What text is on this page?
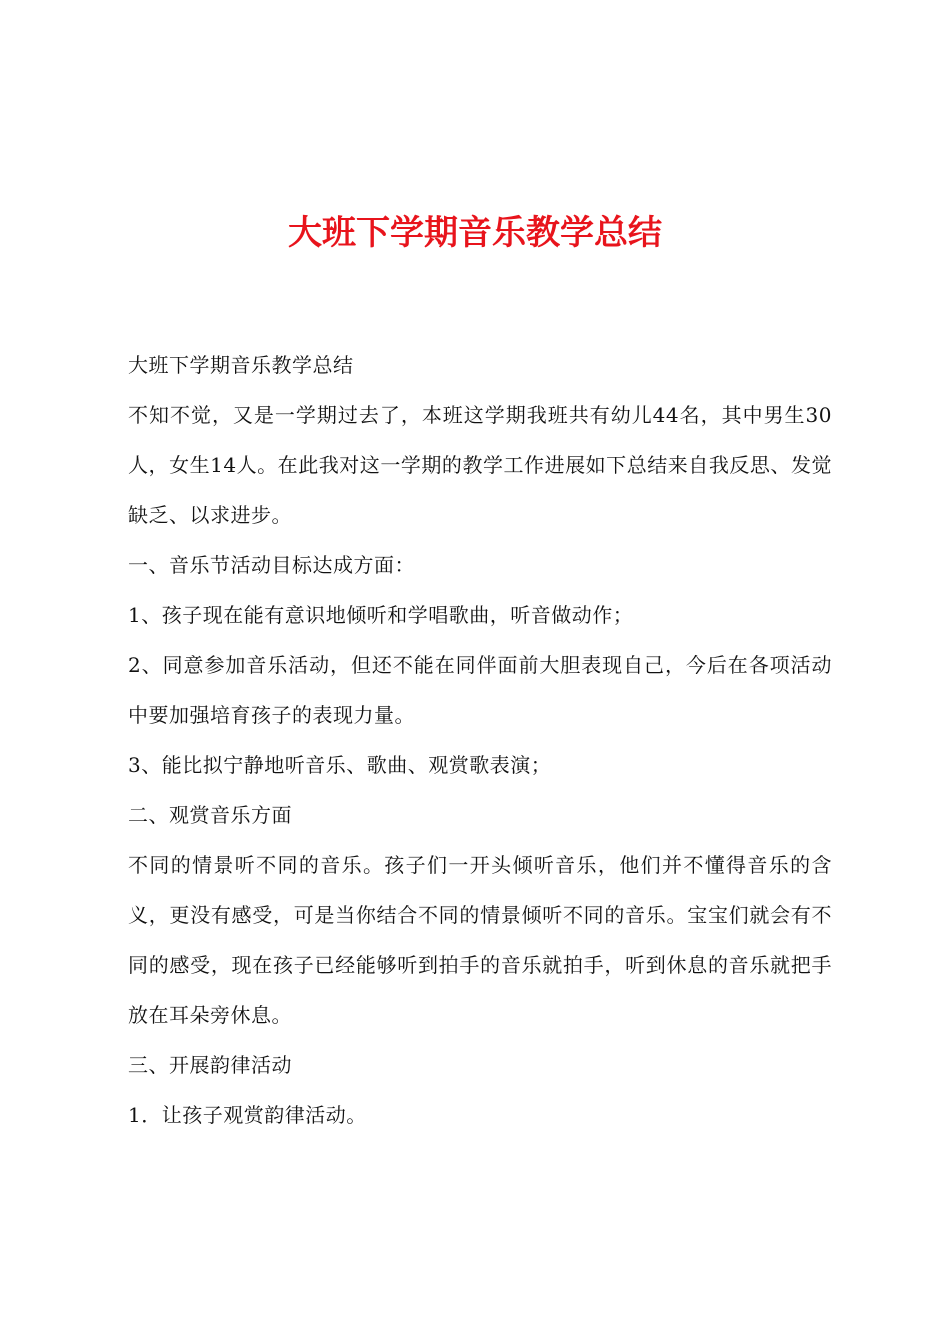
大班下学期音乐教学总结

大班下学期音乐教学总结

不知不觉，又是一学期过去了，本班这学期我班共有幼儿44名，其中男生30人，女生14人。在此我对这一学期的教学工作进展如下总结来自我反思、发觉缺乏、以求进步。

一、音乐节活动目标达成方面：

1、孩子现在能有意识地倾听和学唱歌曲，听音做动作；

2、同意参加音乐活动，但还不能在同伴面前大胆表现自己，今后在各项活动中要加强培育孩子的表现力量。

3、能比拟宁静地听音乐、歌曲、观赏歌表演；

二、观赏音乐方面

不同的情景听不同的音乐。孩子们一开头倾听音乐，他们并不懂得音乐的含义，更没有感受，可是当你结合不同的情景倾听不同的音乐。宝宝们就会有不同的感受，现在孩子已经能够听到拍手的音乐就拍手，听到休息的音乐就把手放在耳朵旁休息。

三、开展韵律活动

1．让孩子观赏韵律活动。
